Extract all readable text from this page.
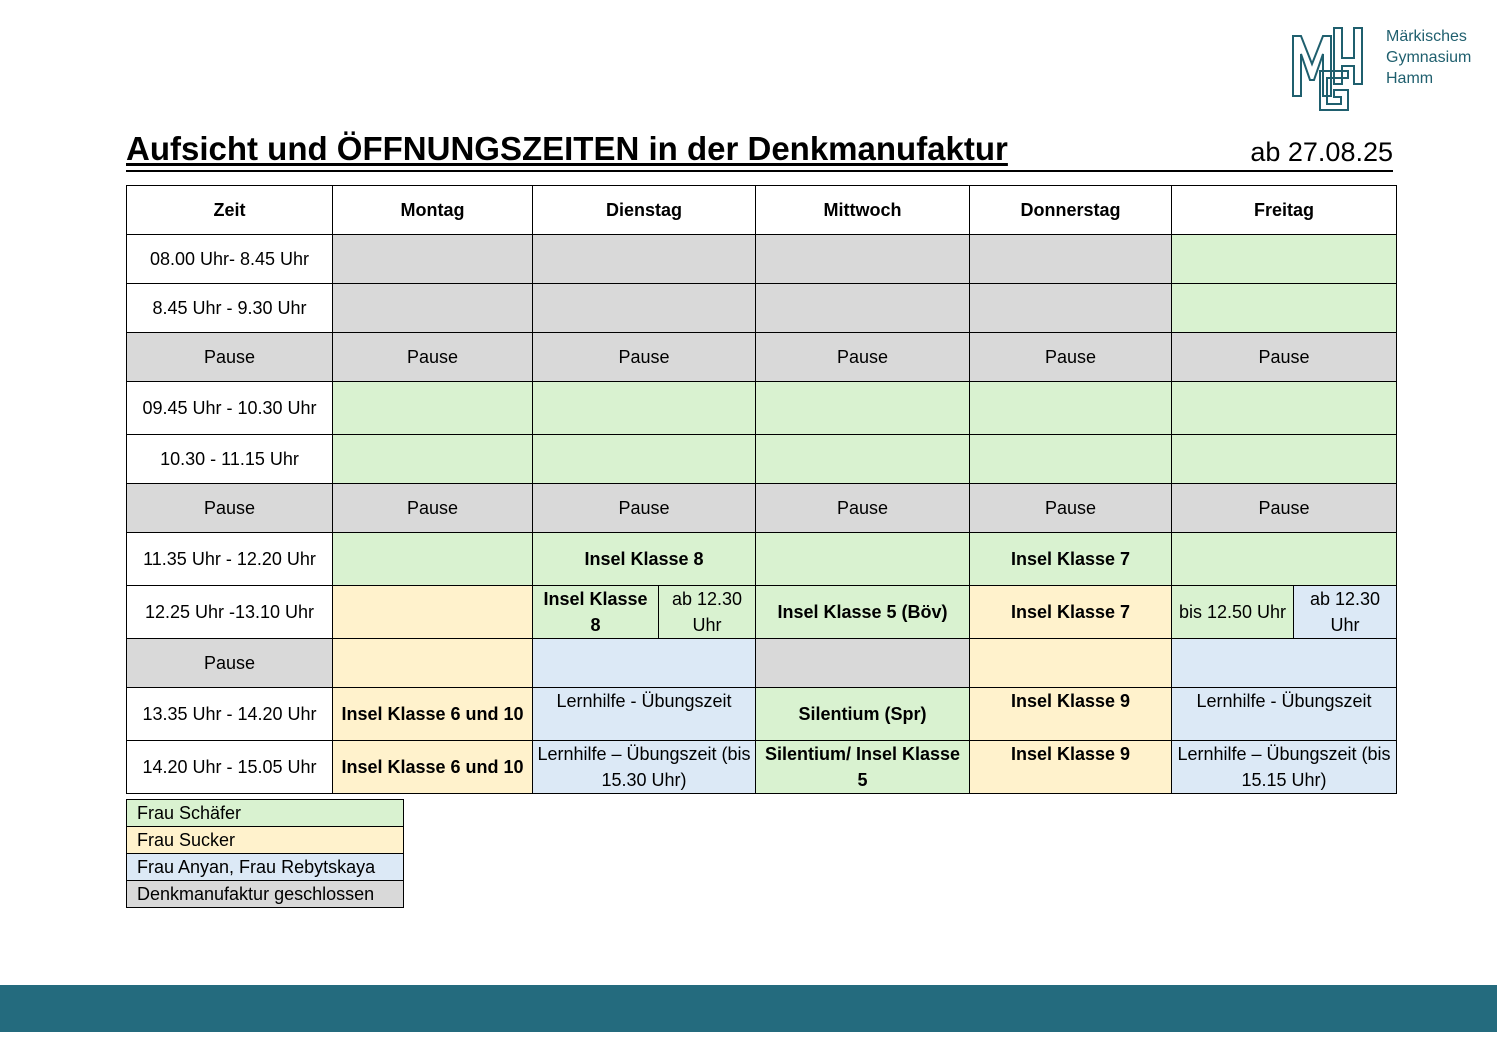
Märkisches
Gymnasium
Hamm
Aufsicht und ÖFFNUNGSZEITEN in der Denkmanufaktur	ab 27.08.25
Zeit	Montag	Dienstag		Mittwoch	Donnerstag	Freitag	
08.00 Uhr- 8.45 Uhr							
8.45 Uhr - 9.30 Uhr							
Pause	Pause	Pause		Pause	Pause	Pause	
09.45 Uhr - 10.30 Uhr							
10.30 - 11.15 Uhr							
Pause	Pause	Pause		Pause	Pause	Pause	
11.35 Uhr - 12.20 Uhr		Insel Klasse 8			Insel Klasse 7		
12.25 Uhr -13.10 Uhr		Insel Klasse 8	ab 12.30 Uhr	Insel Klasse 5 (Böv)	Insel Klasse 7	bis 12.50 Uhr	ab 12.30 Uhr
Pause							
13.35 Uhr - 14.20 Uhr	Insel Klasse 6 und 10	Lernhilfe - Übungszeit		Silentium (Spr)	Insel Klasse 9	Lernhilfe - Übungszeit	
14.20 Uhr - 15.05 Uhr	Insel Klasse 6 und 10	Lernhilfe – Übungszeit (bis 15.30 Uhr)		Silentium/ Insel Klasse 5	Insel Klasse 9	Lernhilfe – Übungszeit (bis 15.15 Uhr)	
Frau Schäfer
Frau Sucker
Frau Anyan, Frau Rebytskaya
Denkmanufaktur geschlossen
